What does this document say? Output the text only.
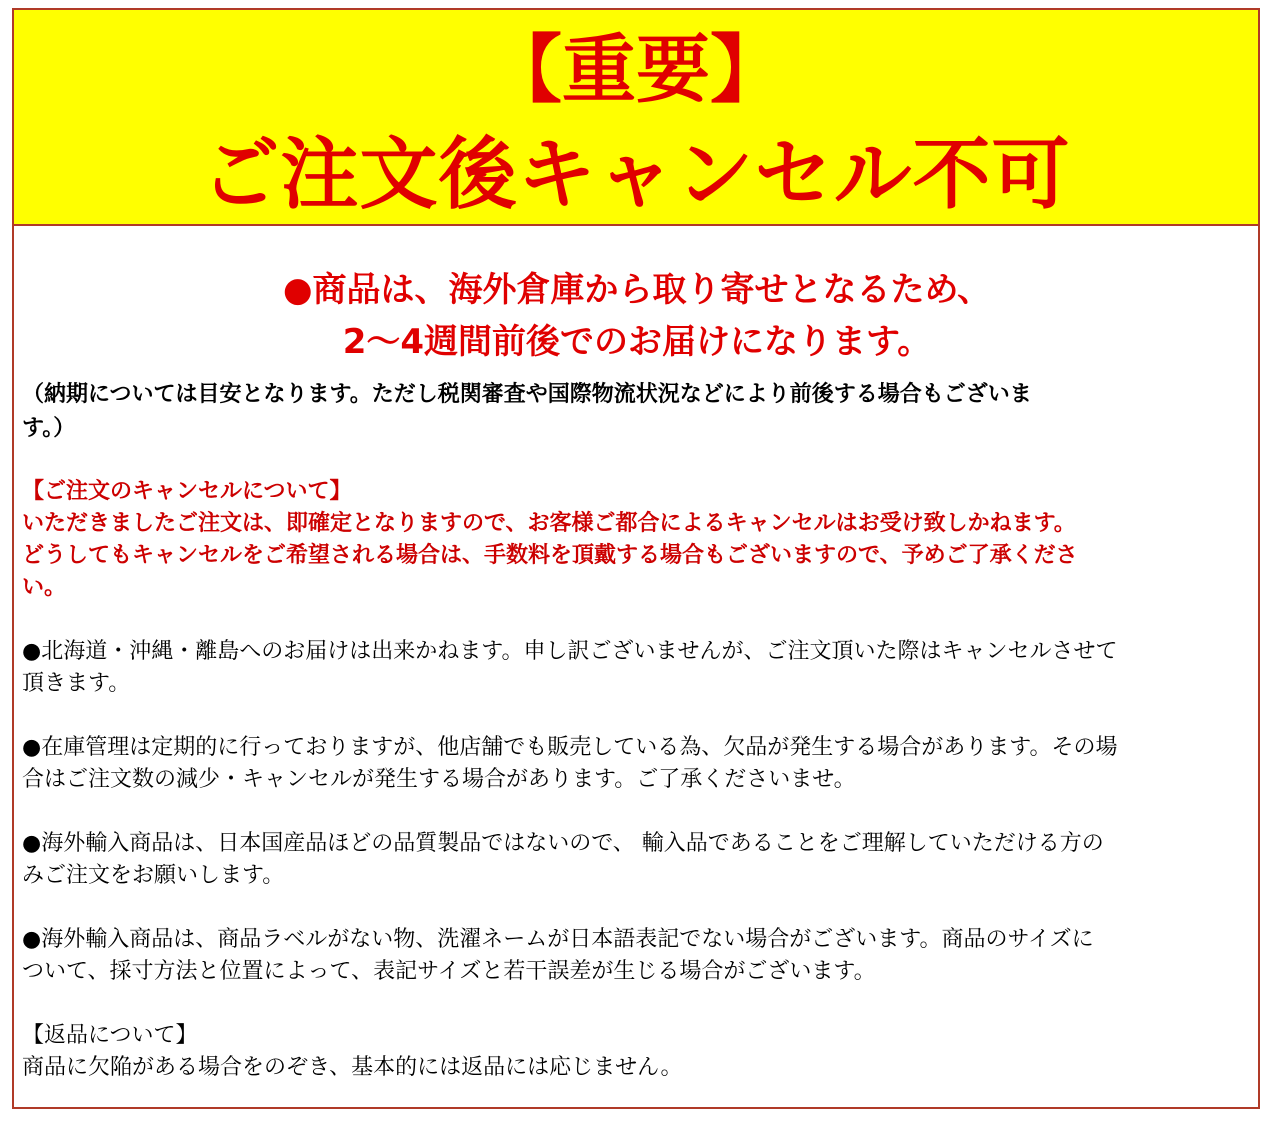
【重要】
ご注文後キャンセル不可
●商品は、海外倉庫から取り寄せとなるため、
2～4週間前後でのお届けになります。
（納期については目安となります。ただし税関審査や国際物流状況などにより前後する場合もございま
す。）
【ご注文のキャンセルについて】
いただきましたご注文は、即確定となりますので、お客様ご都合によるキャンセルはお受け致しかねます。
どうしてもキャンセルをご希望される場合は、手数料を頂戴する場合もございますので、予めご了承くださ
い。
●北海道・沖縄・離島へのお届けは出来かねます。申し訳ございませんが、ご注文頂いた際はキャンセルさせて
頂きます。
●在庫管理は定期的に行っておりますが、他店舗でも販売している為、欠品が発生する場合があります。その場
合はご注文数の減少・キャンセルが発生する場合があります。ご了承くださいませ。
●海外輸入商品は、日本国産品ほどの品質製品ではないので、 輸入品であることをご理解していただける方の
みご注文をお願いします。
●海外輸入商品は、商品ラベルがない物、洗濯ネームが日本語表記でない場合がございます。商品のサイズに
ついて、採寸方法と位置によって、表記サイズと若干誤差が生じる場合がございます。
【返品について】
商品に欠陥がある場合をのぞき、基本的には返品には応じません。
